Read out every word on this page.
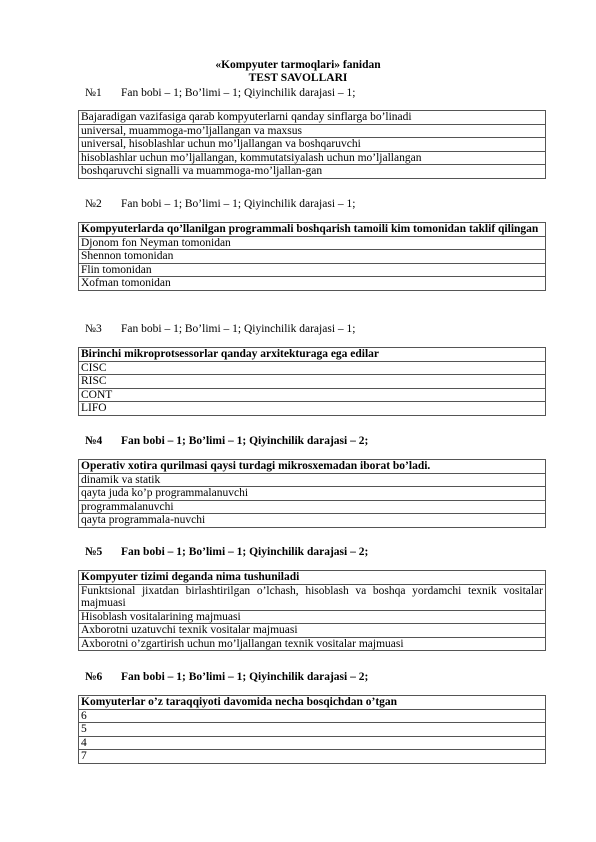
«Kompyuter tarmoqlari» fanidan
TEST SAVOLLARI
№1 Fan bobi – 1; Bo’limi – 1; Qiyinchilik darajasi – 1;
Bajaradigan vazifasiga qarab kompyuterlarni qanday sinflarga bo’linadi
universal, muammoga-mo’ljallangan va maxsus
universal, hisoblashlar uchun mo’ljallangan va boshqaruvchi
hisoblashlar uchun mo’ljallangan, kommutatsiyalash uchun mo’ljallangan
boshqaruvchi signalli va muammoga-mo’ljallan-gan
№2 Fan bobi – 1; Bo’limi – 1; Qiyinchilik darajasi – 1;
Kompyuterlarda qo’llanilgan programmali boshqarish tamoili kim tomonidan taklif qilingan
Djonom fon Neyman tomonidan
Shennon tomonidan
Flin tomonidan
Xofman tomonidan
№3 Fan bobi – 1; Bo’limi – 1; Qiyinchilik darajasi – 1;
Birinchi mikroprotsessorlar qanday arxitekturaga ega edilar
CISC
RISC
CONT
LIFO
№4 Fan bobi – 1; Bo’limi – 1; Qiyinchilik darajasi – 2;
Operativ xotira qurilmasi qaysi turdagi mikrosxemadan iborat bo’ladi.
dinamik va statik
qayta juda ko’p programmalanuvchi
programmalanuvchi
qayta programmala-nuvchi
№5 Fan bobi – 1; Bo’limi – 1; Qiyinchilik darajasi – 2;
Kompyuter tizimi deganda nima tushuniladi
Funktsional jixatdan birlashtirilgan o’lchash, hisoblash va boshqa yordamchi texnik vositalar majmuasi
Hisoblash vositalarining majmuasi
Axborotni uzatuvchi texnik vositalar majmuasi
Axborotni o’zgartirish uchun mo’ljallangan texnik vositalar majmuasi
№6 Fan bobi – 1; Bo’limi – 1; Qiyinchilik darajasi – 2;
Komyuterlar o’z taraqqiyoti davomida necha bosqichdan o’tgan
6
5
4
7
